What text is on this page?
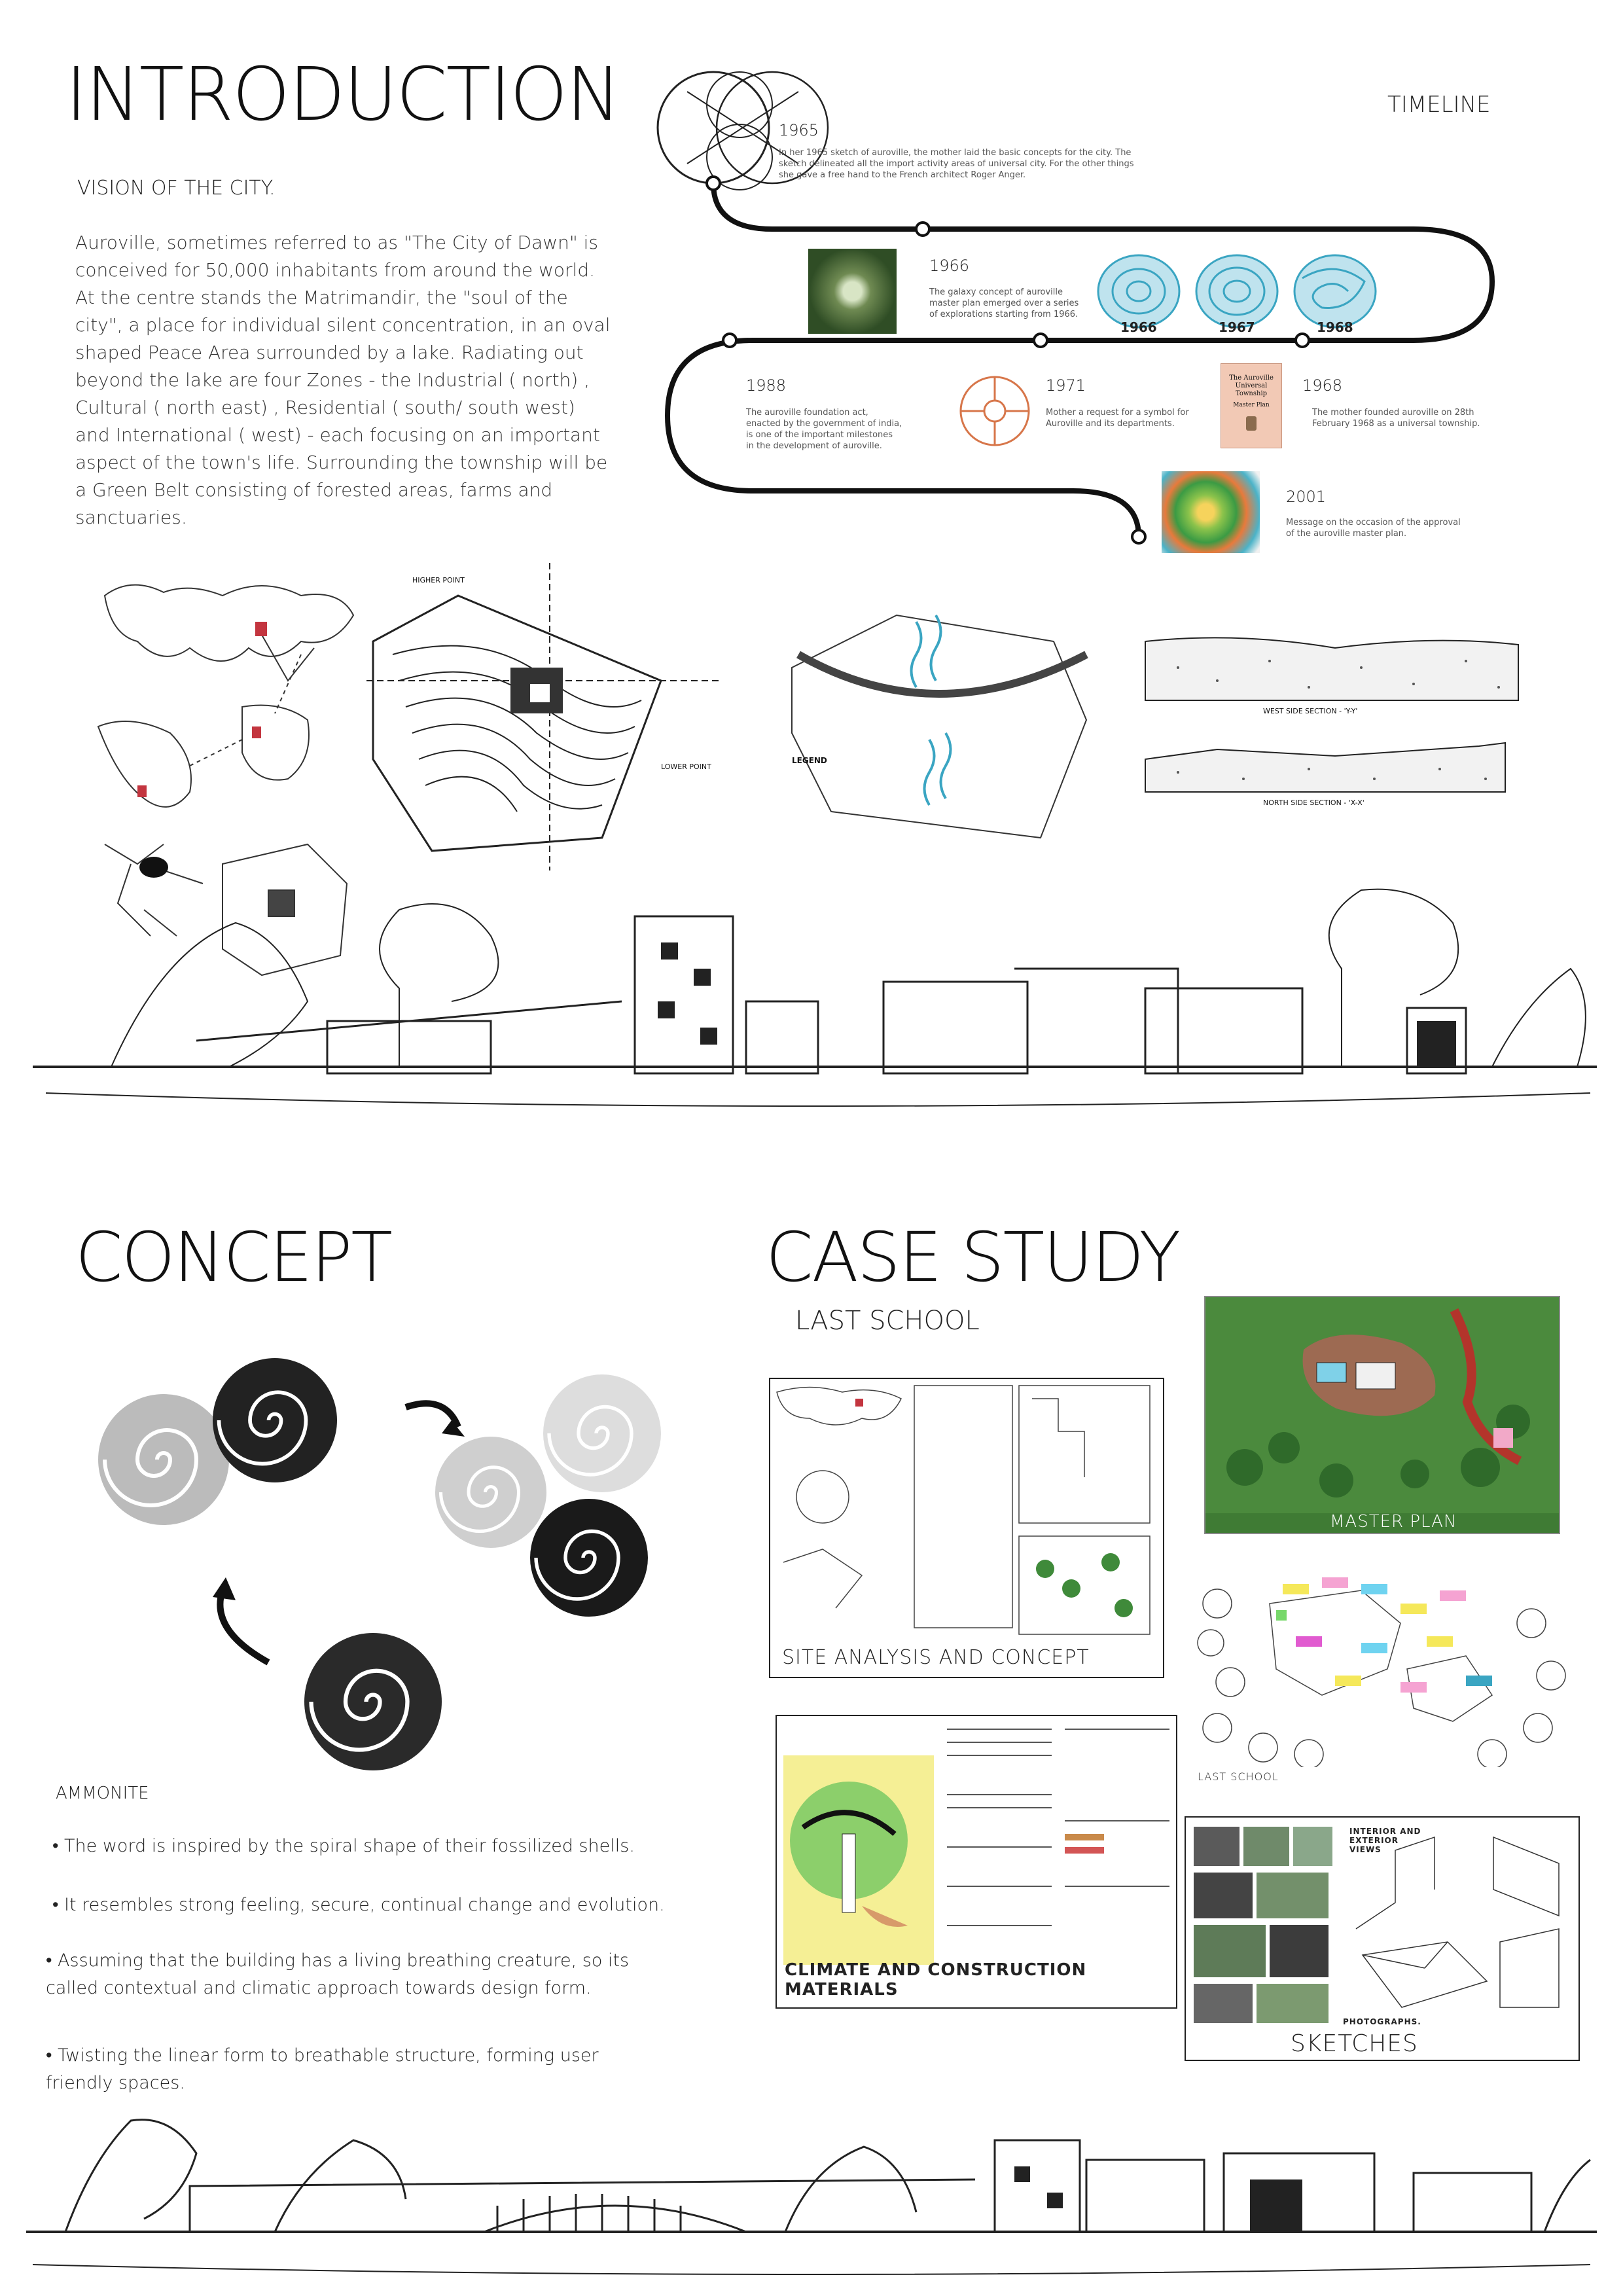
INTRODUCTION
VISION OF THE CITY.
Auroville, sometimes referred to as "The City of Dawn" is conceived for 50,000 inhabitants from around the world. At the centre stands the Matrimandir, the "soul of the city", a place for individual silent concentration, in an oval shaped Peace Area surrounded by a lake. Radiating out beyond the lake are four Zones - the Industrial ( north) , Cultural ( north east) , Residential ( south/ south west) and International ( west) - each focusing on an important aspect of the town's life. Surrounding the township will be a Green Belt consisting of forested areas, farms and sanctuaries.
TIMELINE
1965
In her 1965 sketch of auroville, the mother laid the basic concepts for the city. The sketch delineated all the import activity areas of universal city. For the other things she gave a free hand to the French architect Roger Anger.
1966
The galaxy concept of auroville master plan emerged over a series of explorations starting from 1966.
1966	1967	1968
1988
The auroville foundation act, enacted by the government of india, is one of the important milestones in the development of auroville.
1971
Mother a request for a symbol for Auroville and its departments.
The Auroville Universal Township
Master Plan
1968
The mother founded auroville on 28th February 1968 as a universal township.
2001
Message on the occasion of the approval of the auroville master plan.
HIGHER POINT
LOWER POINT
LEGEND
WEST SIDE SECTION - 'Y-Y'
NORTH SIDE SECTION - 'X-X'
CONCEPT
AMMONITE
• The word is inspired by the spiral shape of their fossilized shells.
• It resembles strong feeling, secure, continual change and evolution.
• Assuming that the building has a living breathing creature, so its called contextual and climatic approach towards design form.
• Twisting the linear form to breathable structure, forming user friendly spaces.
CASE STUDY
LAST SCHOOL
SITE ANALYSIS AND CONCEPT
MASTER PLAN
LAST SCHOOL
CLIMATE AND CONSTRUCTION MATERIALS
INTERIOR AND EXTERIOR VIEWS
PHOTOGRAPHS.
SKETCHES
